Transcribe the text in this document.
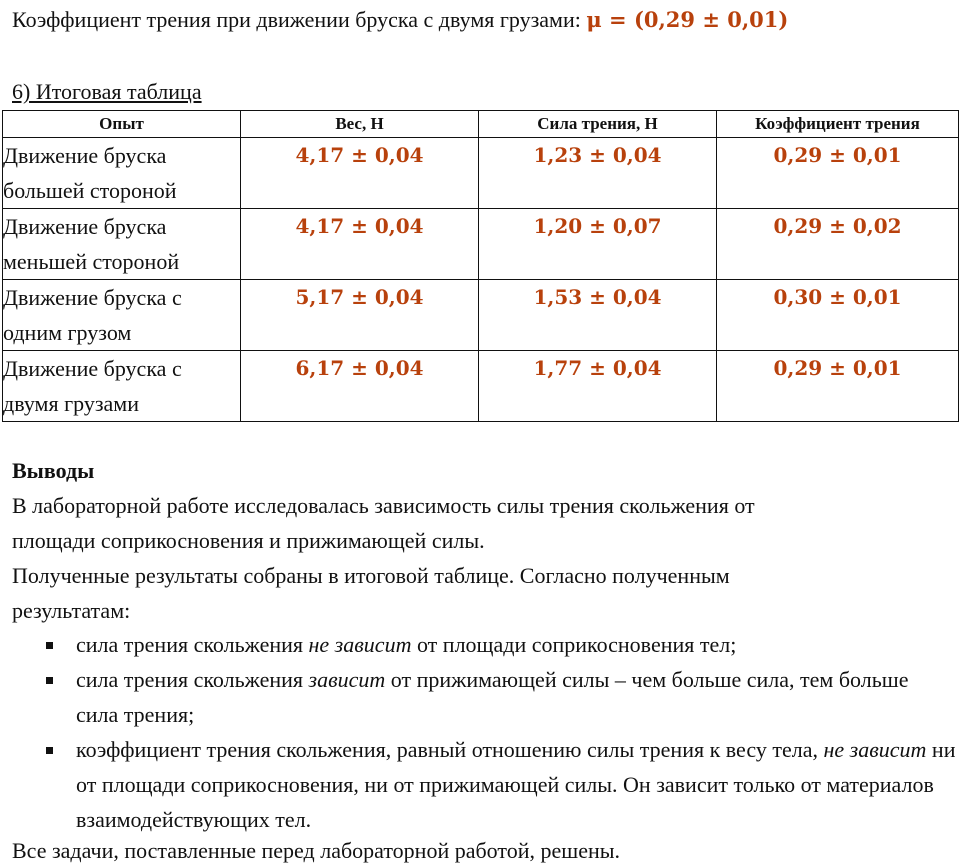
Коэффициент трения при движении бруска с двумя грузами: μ = (0,29 ± 0,01)
6) Итоговая таблица
Опыт	Вес, Н	Сила трения, Н	Коэффициент трения
Движение бруска
большей стороной	4,17 ± 0,04	1,23 ± 0,04	0,29 ± 0,01
Движение бруска
меньшей стороной	4,17 ± 0,04	1,20 ± 0,07	0,29 ± 0,02
Движение бруска с
одним грузом	5,17 ± 0,04	1,53 ± 0,04	0,30 ± 0,01
Движение бруска с
двумя грузами	6,17 ± 0,04	1,77 ± 0,04	0,29 ± 0,01
Выводы
В лабораторной работе исследовалась зависимость силы трения скольжения от
площади соприкосновения и прижимающей силы.
Полученные результаты собраны в итоговой таблице. Согласно полученным
результатам:
сила трения скольжения не зависит от площади соприкосновения тел;
сила трения скольжения зависит от прижимающей силы – чем больше сила, тем больше сила трения;
коэффициент трения скольжения, равный отношению силы трения к весу тела, не зависит ни от площади соприкосновения, ни от прижимающей силы. Он зависит только от материалов взаимодействующих тел.
Все задачи, поставленные перед лабораторной работой, решены.
